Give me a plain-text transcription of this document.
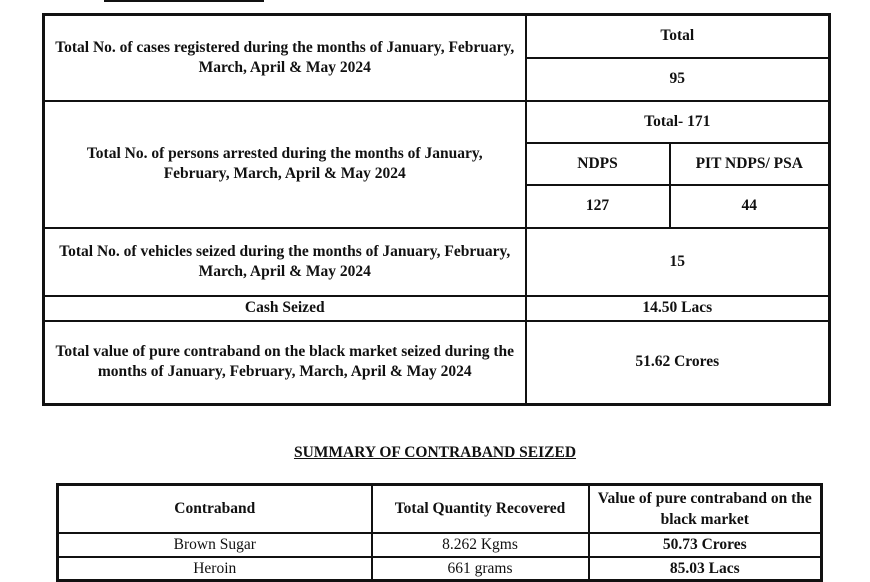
Total No. of cases registered during the months of January, February, March, April & May 2024	Total	
	95	
Total No. of persons arrested during the months of January, February, March, April & May 2024	Total- 171	
	NDPS	PIT NDPS/ PSA
	127	44
Total No. of vehicles seized during the months of January, February, March, April & May 2024	15	
Cash Seized	14.50 Lacs	
Total value of pure contraband on the black market seized during the months of January, February, March, April & May 2024	51.62 Crores	
SUMMARY OF CONTRABAND SEIZED
Contraband	Total Quantity Recovered	Value of pure contraband on the black market
Brown Sugar	8.262 Kgms	50.73 Crores
Heroin	661 grams	85.03 Lacs
